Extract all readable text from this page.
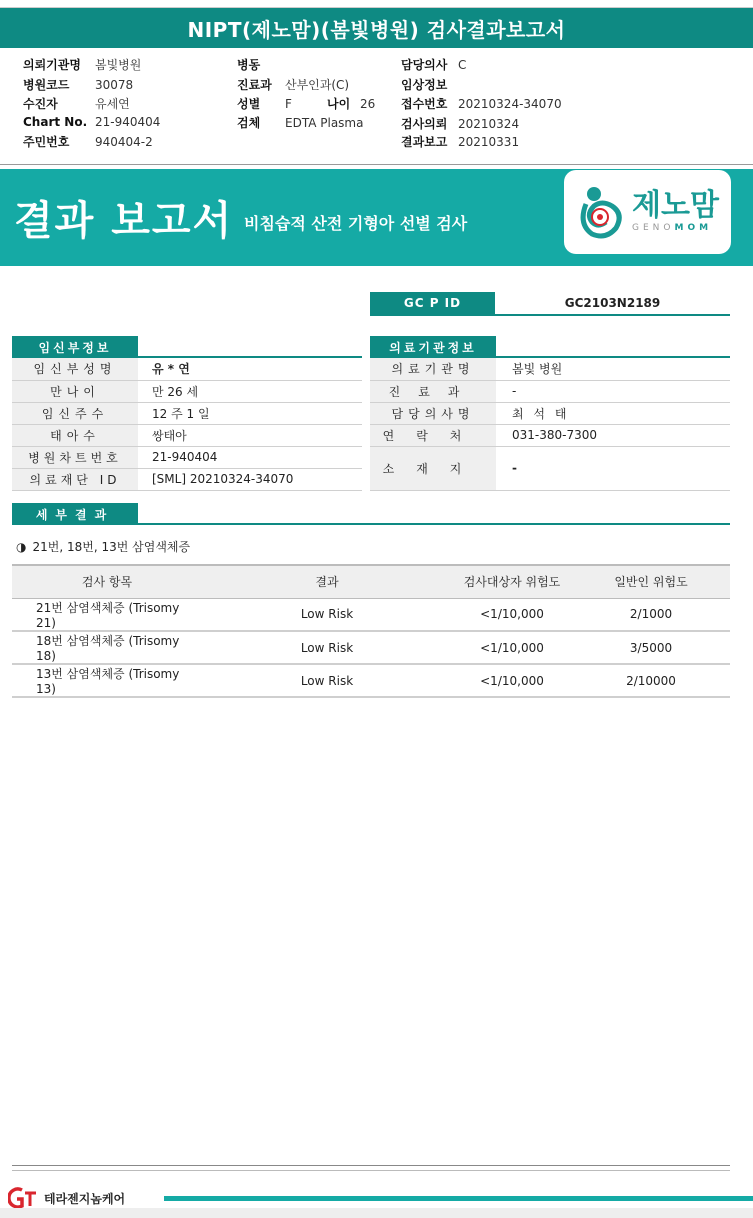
NIPT(제노맘)(봄빛병원) 검사결과보고서
의뢰기관명	봄빛병원
병원코드	30078
수진자	유세연
Chart No. 21-940404
주민번호	940404-2
병동
진료과	산부인과(C)
성별	F	나이 26
검체	EDTA Plasma
담당의사 C
임상정보
접수번호 20210324-34070
검사의뢰 20210324
결과보고 20210331
결과 보고서 비침습적 산전 기형아 선별 검사
제노맘
GENOMOM
GC P ID	GC2103N2189
임신부정보	의료기관정보
임신부성명	유 * 연
만나이	만 26 세
임신주수	12 주 1 일
태아수	쌍태아
병원차트번호	21-940404
의료재단 ID	[SML] 20210324-34070
의료기관명	봄빛 병원
진료과	-
담당의사명	최 석 태
연락처	031-380-7300
소재지	-
세부결과
◑ 21번, 18번, 13번 삼염색체증
검사 항목	결과	검사대상자 위험도	일반인 위험도
21번 삼염색체증 (Trisomy 21)	Low Risk	<1/10,000	2/1000
18번 삼염색체증 (Trisomy 18)	Low Risk	<1/10,000	3/5000
13번 삼염색체증 (Trisomy 13)	Low Risk	<1/10,000	2/10000
테라젠지놈케어
